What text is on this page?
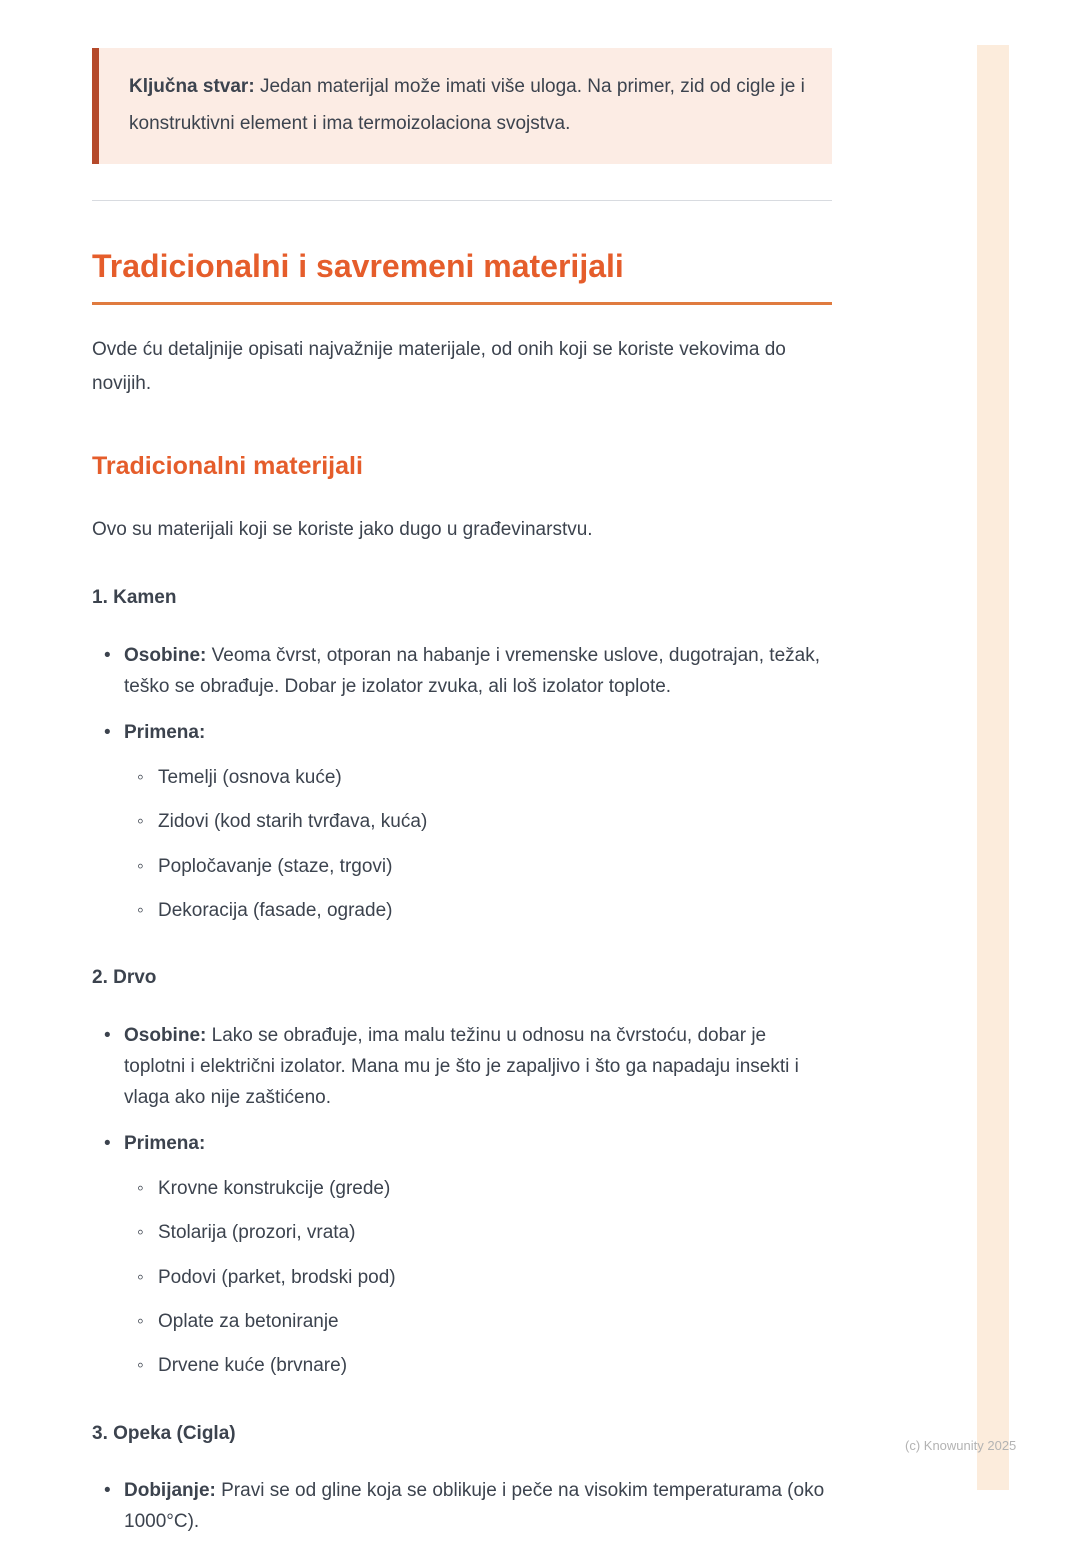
Ključna stvar: Jedan materijal može imati više uloga. Na primer, zid od cigle je i konstruktivni element i ima termoizolaciona svojstva.
Tradicionalni i savremeni materijali

Ovde ću detaljnije opisati najvažnije materijale, od onih koji se koriste vekovima do novijih.

Tradicionalni materijali

Ovo su materijali koji se koriste jako dugo u građevinarstvu.

1. Kamen
• Osobine: Veoma čvrst, otporan na habanje i vremenske uslove, dugotrajan, težak, teško se obrađuje. Dobar je izolator zvuka, ali loš izolator toplote.
• Primena:
◦ Temelji (osnova kuće)
◦ Zidovi (kod starih tvrđava, kuća)
◦ Popločavanje (staze, trgovi)
◦ Dekoracija (fasade, ograde)
2. Drvo
• Osobine: Lako se obrađuje, ima malu težinu u odnosu na čvrstoću, dobar je toplotni i električni izolator. Mana mu je što je zapaljivo i što ga napadaju insekti i vlaga ako nije zaštićeno.
• Primena:
◦ Krovne konstrukcije (grede)
◦ Stolarija (prozori, vrata)
◦ Podovi (parket, brodski pod)
◦ Oplate za betoniranje
◦ Drvene kuće (brvnare)
3. Opeka (Cigla)
• Dobijanje: Pravi se od gline koja se oblikuje i peče na visokim temperaturama (oko 1000°C).
(c) Knowunity 2025
